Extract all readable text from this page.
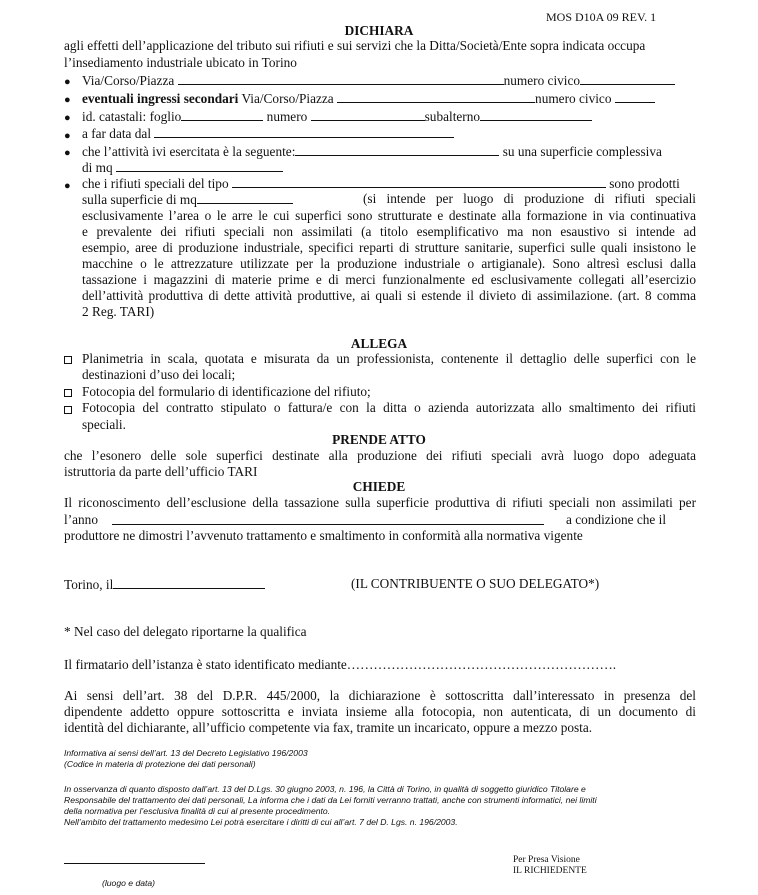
MOS D10A 09 REV. 1
DICHIARA
agli effetti dell’applicazione del tributo sui rifiuti e sui servizi che la Ditta/Società/Ente sopra indicata occupa
l’insediamento industriale ubicato in Torino
● Via/Corso/Piazza	numero civico
● eventuali ingressi secondari Via/Corso/Piazza	numero civico
● id. catastali: foglio	numero	subalterno
● a far data dal
● che l’attività ivi esercitata è la seguente:	su una superficie complessiva
di mq
● che i rifiuti speciali del tipo	sono prodotti
sulla superficie di mq	(si intende per luogo di produzione di rifiuti speciali
esclusivamente l’area o le arre le cui superfici sono strutturate e destinate alla formazione in via continuativa
e prevalente dei rifiuti speciali non assimilati (a titolo esemplificativo ma non esaustivo si intende ad
esempio, aree di produzione industriale, specifici reparti di strutture sanitarie, superfici sulle quali insistono le
macchine o le attrezzature utilizzate per la produzione industriale o artigianale). Sono altresì esclusi dalla
tassazione i magazzini di materie prime e di merci funzionalmente ed esclusivamente collegati all’esercizio
dell’attività produttiva di dette attività produttive, ai quali si estende il divieto di assimilazione. (art. 8 comma
2 Reg. TARI)
ALLEGA
Planimetria in scala, quotata e misurata da un professionista, contenente il dettaglio delle superfici con le
destinazioni d’uso dei locali;
Fotocopia del formulario di identificazione del rifiuto;
Fotocopia del contratto stipulato o fattura/e con la ditta o azienda autorizzata allo smaltimento dei rifiuti
speciali.
PRENDE ATTO
che l’esonero delle sole superfici destinate alla produzione dei rifiuti speciali avrà luogo dopo adeguata
istruttoria da parte dell’ufficio TARI
CHIEDE
Il riconoscimento dell’esclusione della tassazione sulla superficie produttiva di rifiuti speciali non assimilati per
l’anno	a condizione che il
produttore ne dimostri l’avvenuto trattamento e smaltimento in conformità alla normativa vigente
Torino, il	(IL CONTRIBUENTE O SUO DELEGATO*)
* Nel caso del delegato riportarne la qualifica
Il firmatario dell’istanza è stato identificato mediante…………………………………………………….
Ai sensi dell’art. 38 del D.P.R. 445/2000, la dichiarazione è sottoscritta dall’interessato in presenza del
dipendente addetto oppure sottoscritta e inviata insieme alla fotocopia, non autenticata, di un documento di
identità del dichiarante, all’ufficio competente via fax, tramite un incaricato, oppure a mezzo posta.
Informativa ai sensi dell’art. 13 del Decreto Legislativo 196/2003
(Codice in materia di protezione dei dati personali)
In osservanza di quanto disposto dall’art. 13 del D.Lgs. 30 giugno 2003, n. 196, la Città di Torino, in qualità di soggetto giuridico Titolare e
Responsabile del trattamento dei dati personali, La informa che i dati da Lei forniti verranno trattati, anche con strumenti informatici, nei limiti
della normativa per l’esclusiva finalità di cui al presente procedimento.
Nell’ambito del trattamento medesimo Lei potrà esercitare i diritti di cui all’art. 7 del D. Lgs. n. 196/2003.
(luogo e data)
Per Presa Visione
IL RICHIEDENTE
